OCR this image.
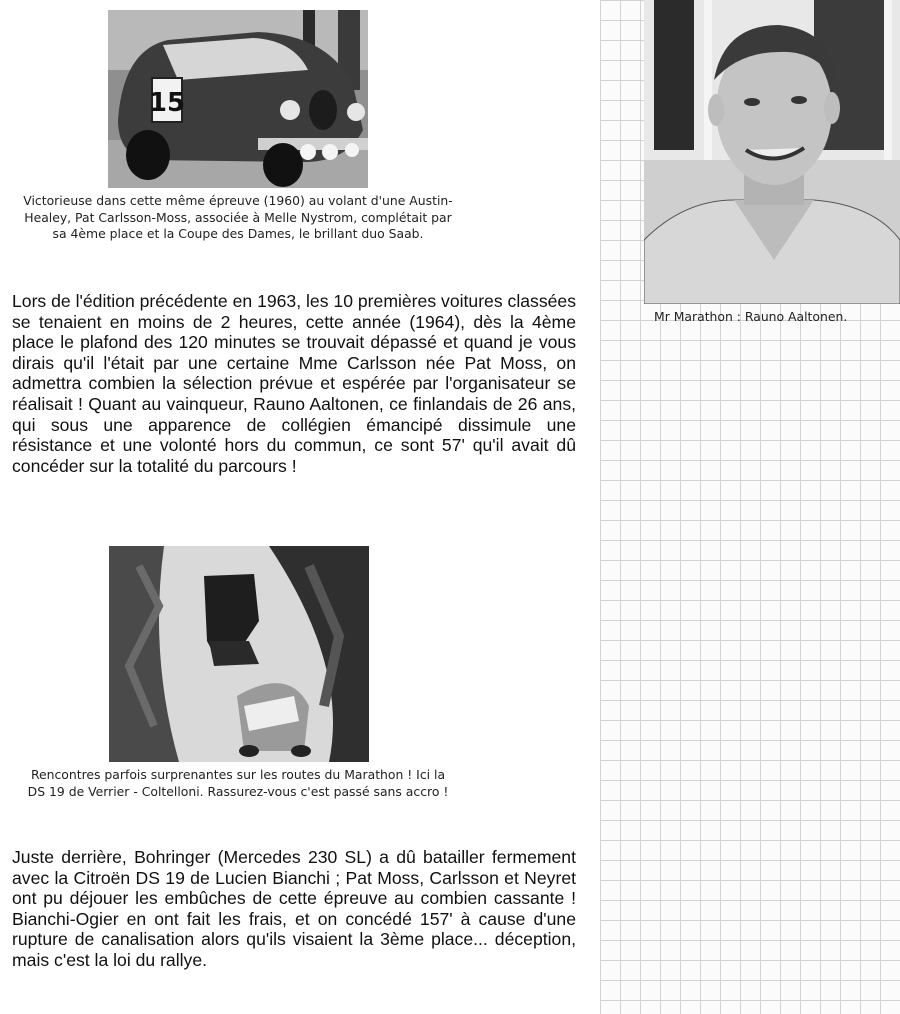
15
Victorieuse dans cette même épreuve (1960) au volant d'une Austin-Healey, Pat Carlsson-Moss, associée à Melle Nystrom, complétait par sa 4ème place et la Coupe des Dames, le brillant duo Saab.
Mr Marathon : Rauno Aaltonen.
Lors de l'édition précédente en 1963, les 10 premières voitures classées se tenaient en moins de 2 heures, cette année (1964), dès la 4ème place le plafond des 120 minutes se trouvait dépassé et quand je vous dirais qu'il l'était par une certaine Mme Carlsson née Pat Moss, on admettra combien la sélection prévue et espérée par l'organisateur se réalisait ! Quant au vainqueur, Rauno Aaltonen, ce finlandais de 26 ans, qui sous une apparence de collégien émancipé dissimule une résistance et une volonté hors du commun, ce sont 57' qu'il avait dû concéder sur la totalité du parcours !
Rencontres parfois surprenantes sur les routes du Marathon ! Ici la DS 19 de Verrier - Coltelloni. Rassurez-vous c'est passé sans accro !
Juste derrière, Bohringer (Mercedes 230 SL) a dû batailler fermement avec la Citroën DS 19 de Lucien Bianchi ; Pat Moss, Carlsson et Neyret ont pu déjouer les embûches de cette épreuve au combien cassante ! Bianchi-Ogier en ont fait les frais, et on concédé 157' à cause d'une rupture de canalisation alors qu'ils visaient la 3ème place... déception, mais c'est la loi du rallye.
